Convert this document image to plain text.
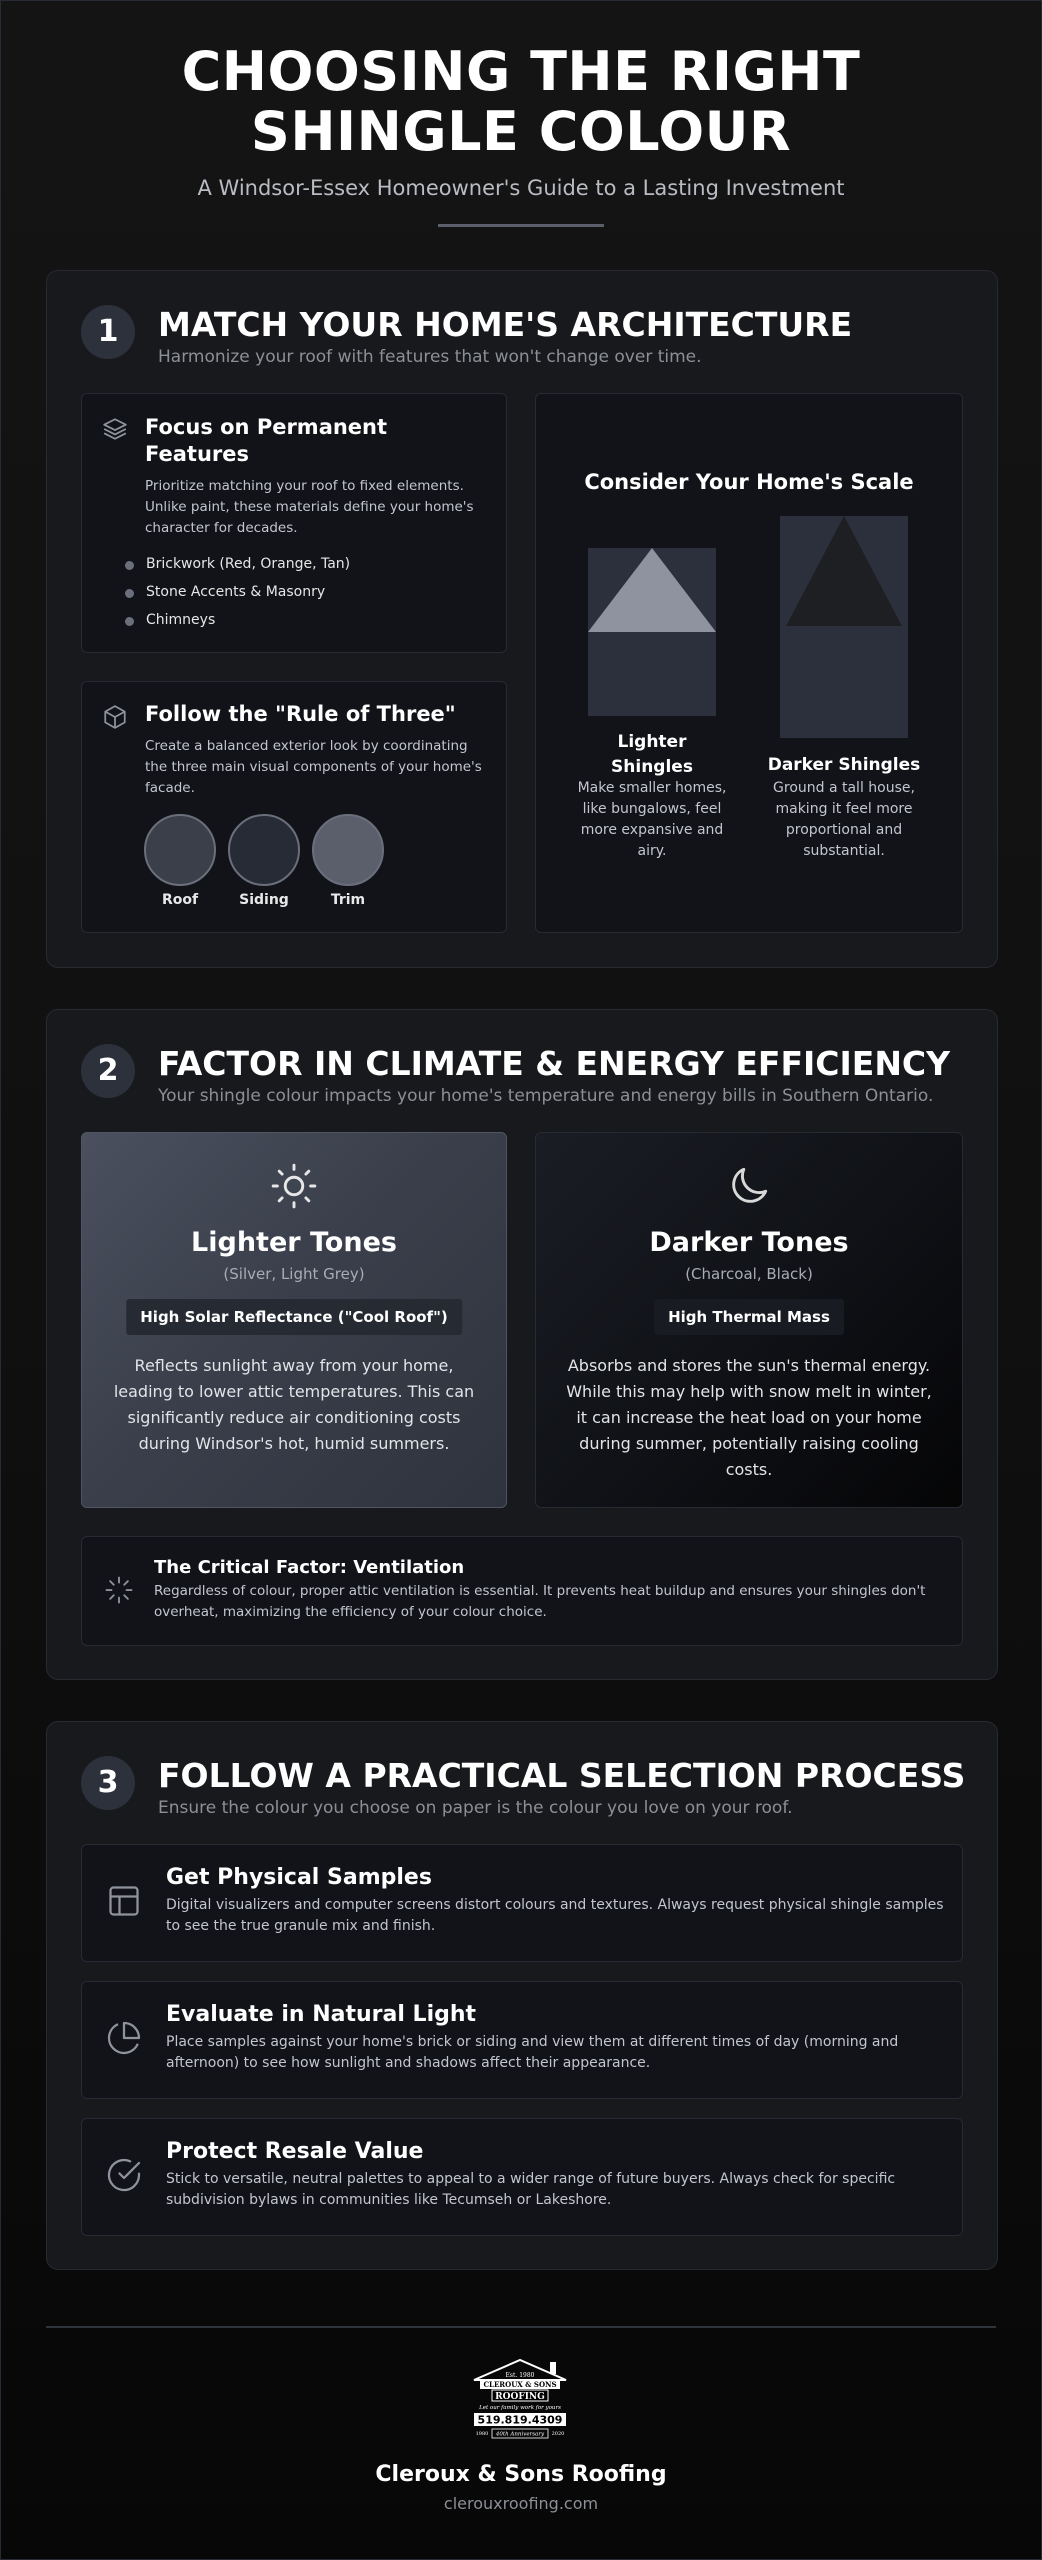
CHOOSING THE RIGHT SHINGLE COLOUR
A Windsor-Essex Homeowner's Guide to a Lasting Investment
1	MATCH YOUR HOME'S ARCHITECTURE
Harmonize your roof with features that won't change over time.
Focus on Permanent Features

Prioritize matching your roof to fixed elements. Unlike paint, these materials define your home's character for decades.

Brickwork (Red, Orange, Tan)
Stone Accents & Masonry
Chimneys
Follow the "Rule of Three"

Create a balanced exterior look by coordinating the three main visual components of your home's facade.

Roof	Siding	Trim
Consider Your Home's Scale
Lighter Shingles
Make smaller homes, like bungalows, feel more expansive and airy.
Darker Shingles
Ground a tall house, making it feel more proportional and substantial.
2	FACTOR IN CLIMATE & ENERGY EFFICIENCY
Your shingle colour impacts your home's temperature and energy bills in Southern Ontario.
Lighter Tones
(Silver, Light Grey)
High Solar Reflectance ("Cool Roof")
Reflects sunlight away from your home, leading to lower attic temperatures. This can significantly reduce air conditioning costs during Windsor's hot, humid summers.
Darker Tones
(Charcoal, Black)
High Thermal Mass
Absorbs and stores the sun's thermal energy. While this may help with snow melt in winter, it can increase the heat load on your home during summer, potentially raising cooling costs.
The Critical Factor: Ventilation

Regardless of colour, proper attic ventilation is essential. It prevents heat buildup and ensures your shingles don't overheat, maximizing the efficiency of your colour choice.

3	FOLLOW A PRACTICAL SELECTION PROCESS
Ensure the colour you choose on paper is the colour you love on your roof.
Get Physical Samples

Digital visualizers and computer screens distort colours and textures. Always request physical shingle samples to see the true granule mix and finish.

Evaluate in Natural Light

Place samples against your home's brick or siding and view them at different times of day (morning and afternoon) to see how sunlight and shadows affect their appearance.

Protect Resale Value

Stick to versatile, neutral palettes to appeal to a wider range of future buyers. Always check for specific subdivision bylaws in communities like Tecumseh or Lakeshore.

Est. 1980
CLEROUX & SONS
ROOFING
Let our family work for yours
519.819.4309
1980 40th Anniversary 2020
Cleroux & Sons Roofing
clerouxroofing.com
